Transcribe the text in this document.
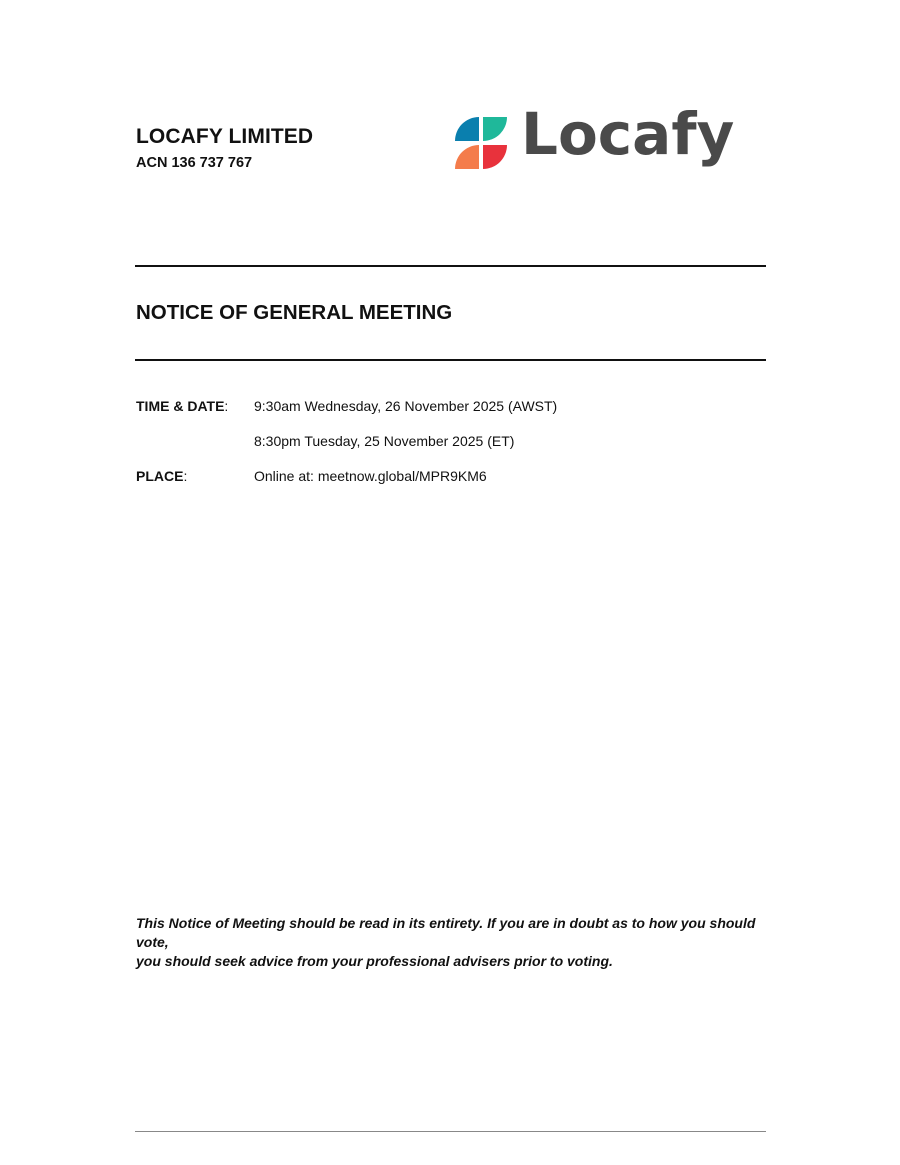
LOCAFY LIMITED
ACN 136 737 767	Locafy
NOTICE OF GENERAL MEETING
TIME & DATE: 9:30am Wednesday, 26 November 2025 (AWST)
8:30pm Tuesday, 25 November 2025 (ET)
PLACE:	Online at: meetnow.global/MPR9KM6
This Notice of Meeting should be read in its entirety. If you are in doubt as to how you should vote,
you should seek advice from your professional advisers prior to voting.
